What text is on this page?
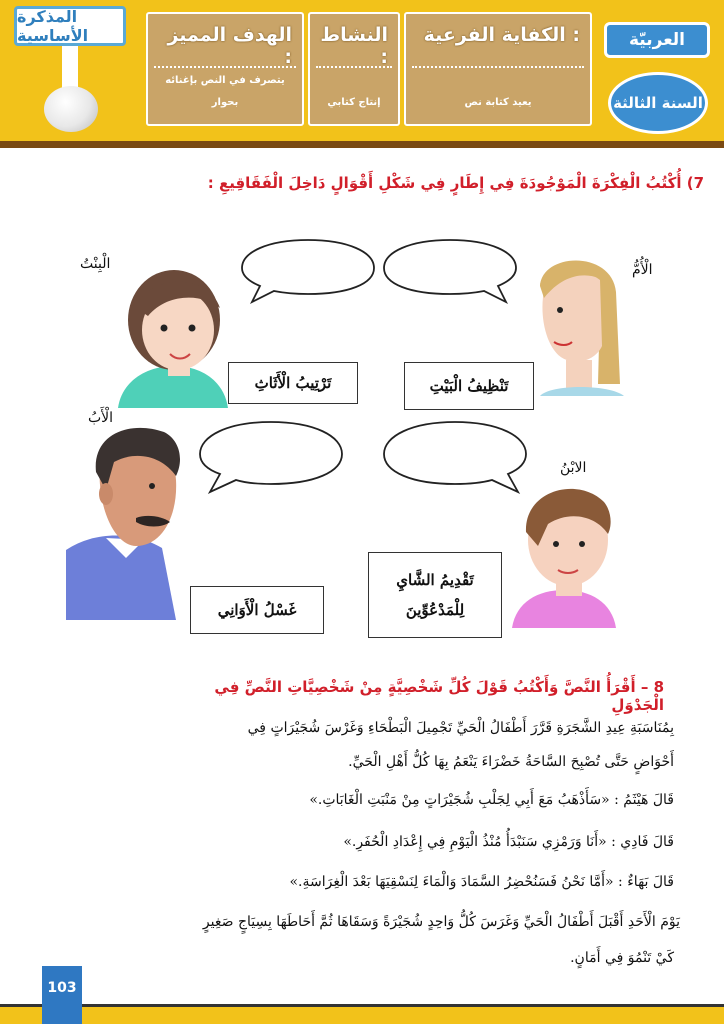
المذكرة الأساسية	الهدف المميز :
يتصرف في النص بإغنائه بحوار
النشاط :
إنتاج كتابي
الكفاية الفرعية :
يعيد كتابة نص
العربيّة
السنة الثالثة
7) أُكْتُبُ الْفِكْرَةَ الْمَوْجُودَةَ فِي إِطَارٍ فِي شَكْلِ أَقْوَالٍ دَاخِلَ الْفَقَاقِيعِ :
الْبِنْتُ	الْأُمُّ
الْأَبُ
الابْنُ
تَرْتِيبُ الْأَثَاثِ	تَنْظِيفُ الْبَيْتِ
غَسْلُ الْأَوَانِي
تَقْدِيمُ الشَّايِ
لِلْمَدْعُوِّينَ
8 – أَقْرَأُ النَّصَّ وَأَكْتُبُ قَوْلَ كُلِّ شَخْصِيَّةٍ مِنْ شَخْصِيَّاتِ النَّصِّ فِي الْجَدْوَلِ
بِمُنَاسَبَةِ عِيدِ الشَّجَرَةِ قَرَّرَ أَطْفَالُ الْحَيِّ تَجْمِيلَ الْبَطْحَاءِ وَغَرْسَ شُجَيْرَاتٍ فِي
أَحْوَاضٍ حَتَّى تُصْبِحَ السَّاحَةُ خَضْرَاءَ يَنْعَمُ بِهَا كُلُّ أَهْلِ الْحَيِّ.
قَالَ هَيْثَمُ : «سَأَذْهَبُ مَعَ أَبِي لِجَلْبِ شُجَيْرَاتٍ مِنْ مَنْبَتِ الْغَابَاتِ.»
قَالَ فَادِي : «أَنَا وَرَمْزِي سَنَبْدَأُ مُنْذُ الْيَوْمِ فِي إِعْدَادِ الْحُفَرِ.»
قَالَ بَهَاءٌ : «أَمَّا نَحْنُ فَسَنُحْضِرُ السَّمَادَ وَالْمَاءَ لِنَسْقِيَهَا بَعْدَ الْغِرَاسَةِ.»
يَوْمَ الْأَحَدِ أَقْبَلَ أَطْفَالُ الْحَيِّ وَغَرَسَ كُلُّ وَاحِدٍ شُجَيْرَةً وَسَقَاهَا ثُمَّ أَحَاطَهَا بِسِيَاجٍ صَغِيرٍ
كَيْ تَنْمُوَ فِي أَمَانٍ.
103
